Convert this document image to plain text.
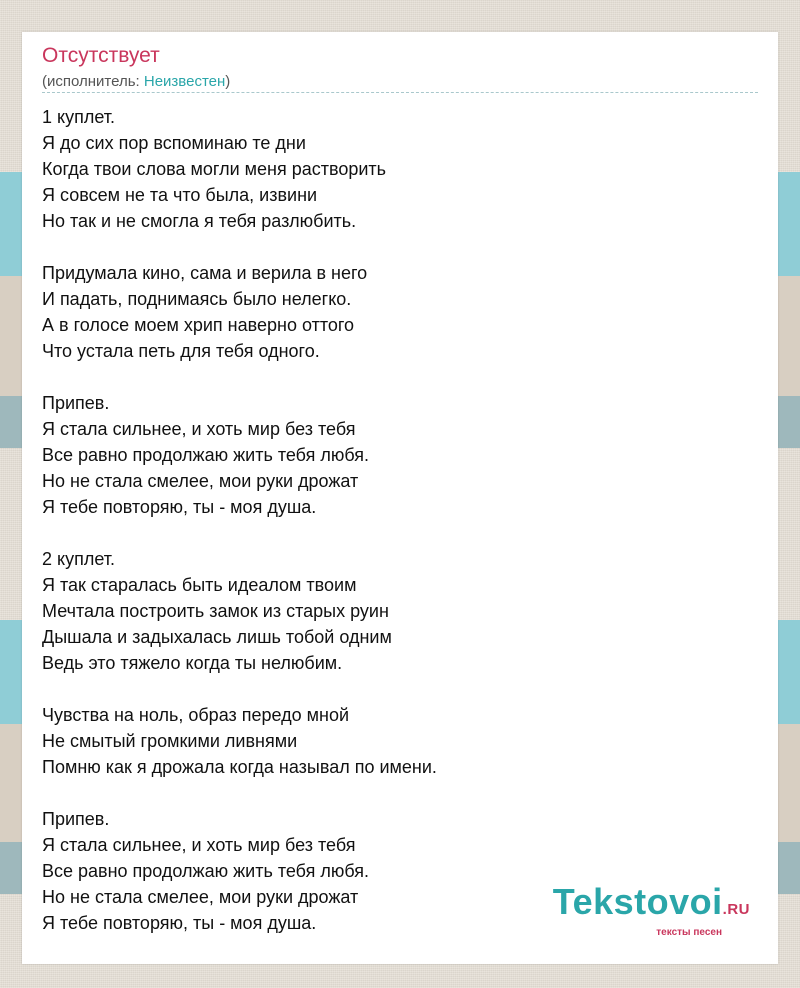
Отсутствует
(исполнитель: Неизвестен)
1 куплет.
Я до сих пор вспоминаю те дни
Когда твои слова могли меня растворить
Я совсем не та что была, извини
Но так и не смогла я тебя разлюбить.
Придумала кино, сама и верила в него
И падать, поднимаясь было нелегко.
А в голосе моем хрип наверно оттого
Что устала петь для тебя одного.
Припев.
Я стала сильнее, и хоть мир без тебя
Все равно продолжаю жить тебя любя.
Но не стала смелее, мои руки дрожат
Я тебе повторяю, ты - моя душа.
2 куплет.
Я так старалась быть идеалом твоим
Мечтала построить замок из старых руин
Дышала и задыхалась лишь тобой одним
Ведь это тяжело когда ты нелюбим.
Чувства на ноль, образ передо мной
Не смытый громкими ливнями
Помню как я дрожала когда называл по имени.
Припев.
Я стала сильнее, и хоть мир без тебя
Все равно продолжаю жить тебя любя.
Но не стала смелее, мои руки дрожат
Я тебе повторяю, ты - моя душа.
Tekstovoi.RU
тексты песен
